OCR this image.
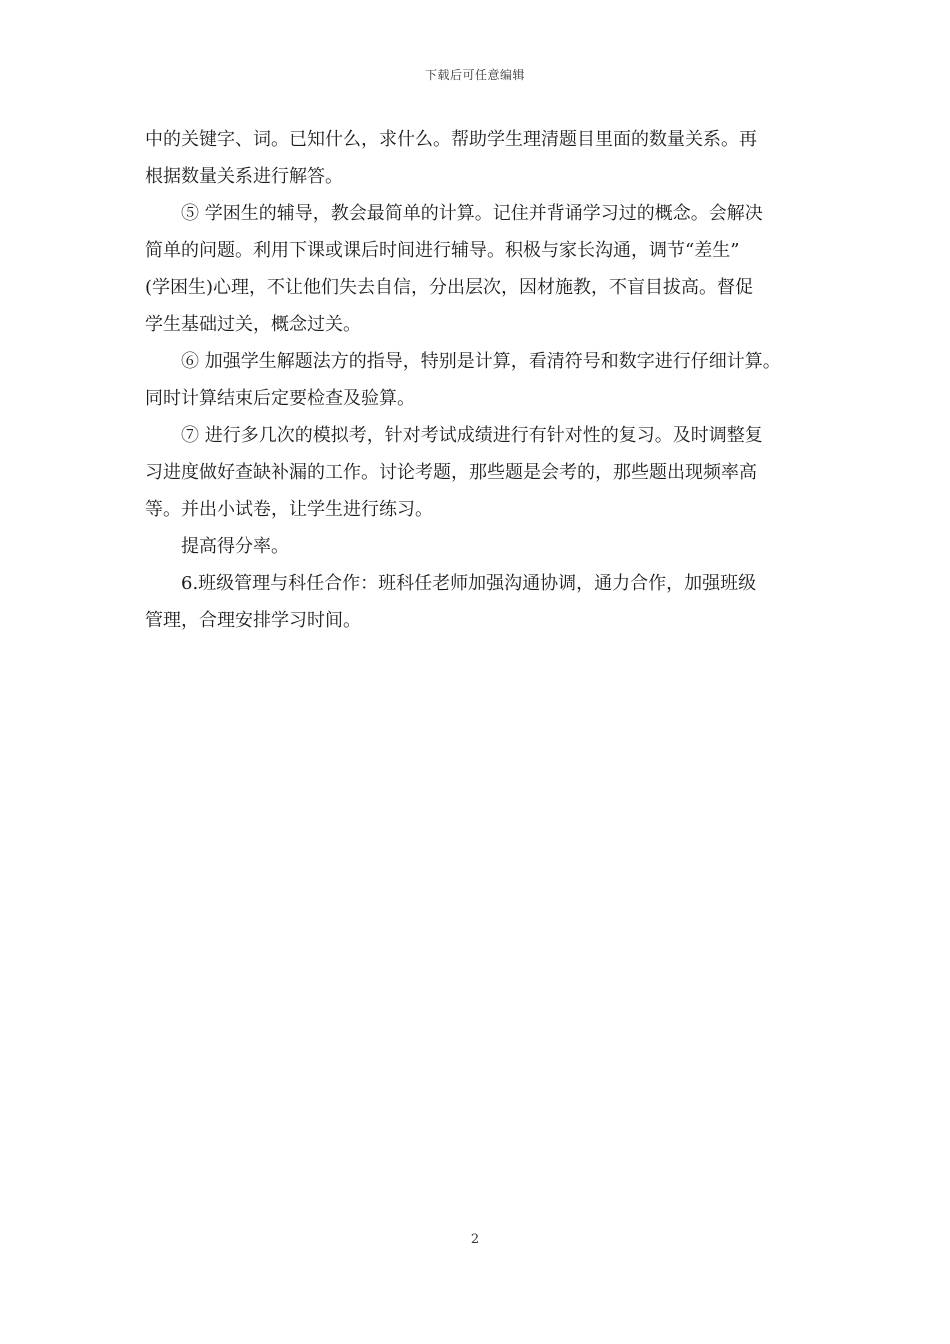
下载后可任意编辑
中的关键字、词。已知什么，求什么。帮助学生理清题目里面的数量关系。再
根据数量关系进行解答。
⑤ 学困生的辅导，教会最简单的计算。记住并背诵学习过的概念。会解决
简单的问题。利用下课或课后时间进行辅导。积极与家长沟通，调节“差生”
(学困生)心理，不让他们失去自信，分出层次，因材施教，不盲目拔高。督促
学生基础过关，概念过关。
⑥ 加强学生解题法方的指导，特别是计算，看清符号和数字进行仔细计算。
同时计算结束后定要检查及验算。
⑦ 进行多几次的模拟考，针对考试成绩进行有针对性的复习。及时调整复
习进度做好查缺补漏的工作。讨论考题，那些题是会考的，那些题出现频率高
等。并出小试卷，让学生进行练习。
提高得分率。
6.班级管理与科任合作：班科任老师加强沟通协调，通力合作，加强班级
管理，合理安排学习时间。
2
